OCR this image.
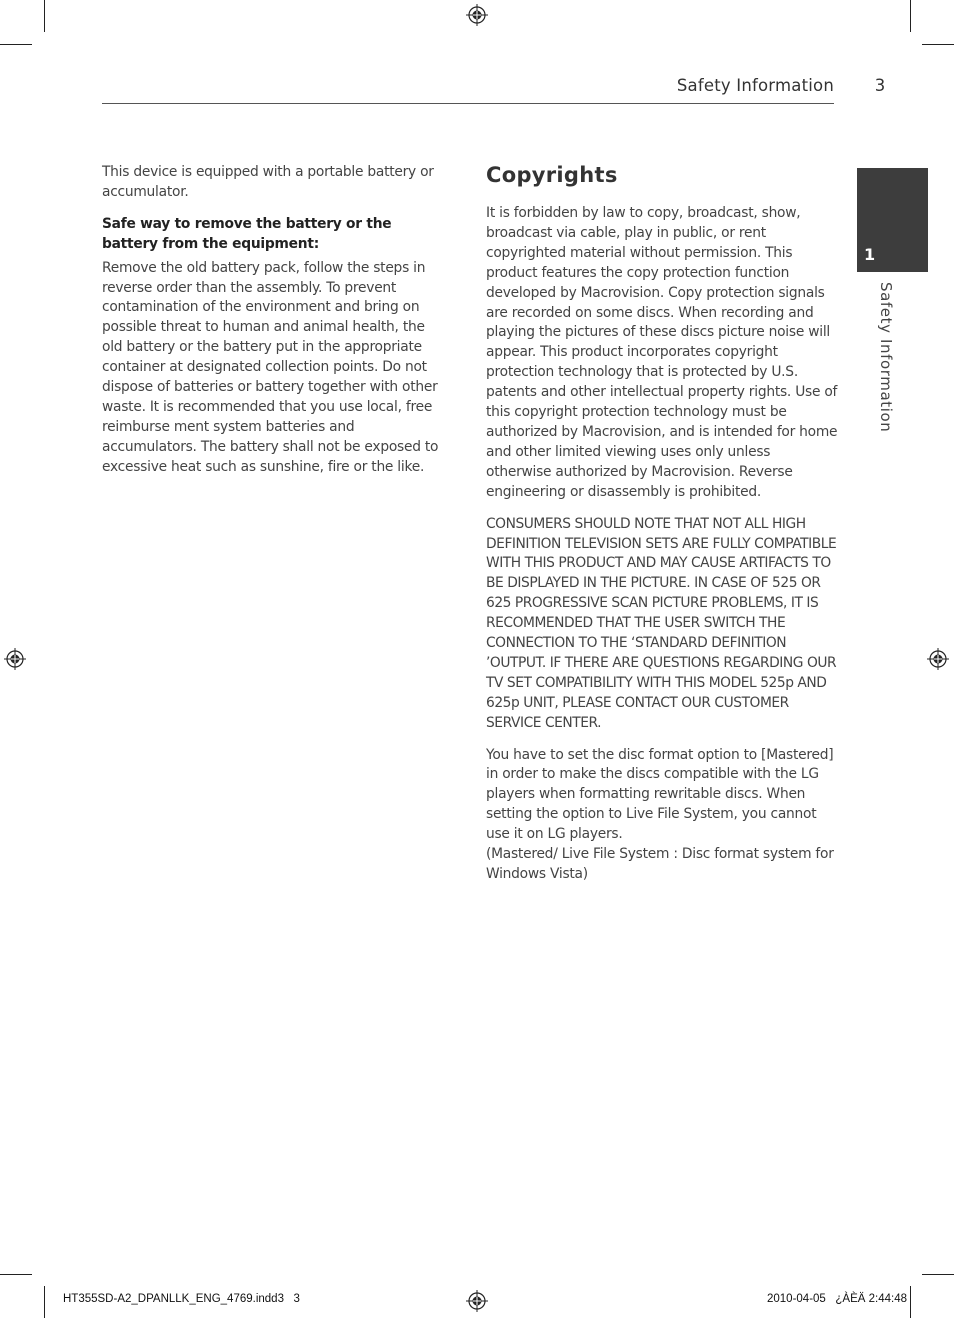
Safety Information 3
1
Safety Information

This device is equipped with a portable battery or accumulator.

Safe way to remove the battery or the battery from the equipment:

Remove the old battery pack, follow the steps in reverse order than the assembly. To prevent contamination of the environment and bring on possible threat to human and animal health, the old battery or the battery put in the appropriate container at designated collection points. Do not dispose of batteries or battery together with other waste. It is recommended that you use local, free reimburse ment system batteries and accumulators. The battery shall not be exposed to excessive heat such as sunshine, fire or the like.

Copyrights

It is forbidden by law to copy, broadcast, show, broadcast via cable, play in public, or rent copyrighted material without permission. This product features the copy protection function developed by Macrovision. Copy protection signals are recorded on some discs. When recording and playing the pictures of these discs picture noise will appear. This product incorporates copyright protection technology that is protected by U.S. patents and other intellectual property rights. Use of this copyright protection technology must be authorized by Macrovision, and is intended for home and other limited viewing uses only unless otherwise authorized by Macrovision. Reverse engineering or disassembly is prohibited.

CONSUMERS SHOULD NOTE THAT NOT ALL HIGH DEFINITION TELEVISION SETS ARE FULLY COMPATIBLE WITH THIS PRODUCT AND MAY CAUSE ARTIFACTS TO BE DISPLAYED IN THE PICTURE. IN CASE OF 525 OR 625 PROGRESSIVE SCAN PICTURE PROBLEMS, IT IS RECOMMENDED THAT THE USER SWITCH THE CONNECTION TO THE ‘STANDARD DEFINITION ’OUTPUT. IF THERE ARE QUESTIONS REGARDING OUR TV SET COMPATIBILITY WITH THIS MODEL 525p AND 625p UNIT, PLEASE CONTACT OUR CUSTOMER SERVICE CENTER.

You have to set the disc format option to [Mastered] in order to make the discs compatible with the LG players when formatting rewritable discs. When setting the option to Live File System, you cannot use it on LG players.

(Mastered/ Live File System : Disc format system for Windows Vista)

HT355SD-A2_DPANLLK_ENG_4769.indd3   3	2010-04-05   ¿ÀÈÄ 2:44:48
